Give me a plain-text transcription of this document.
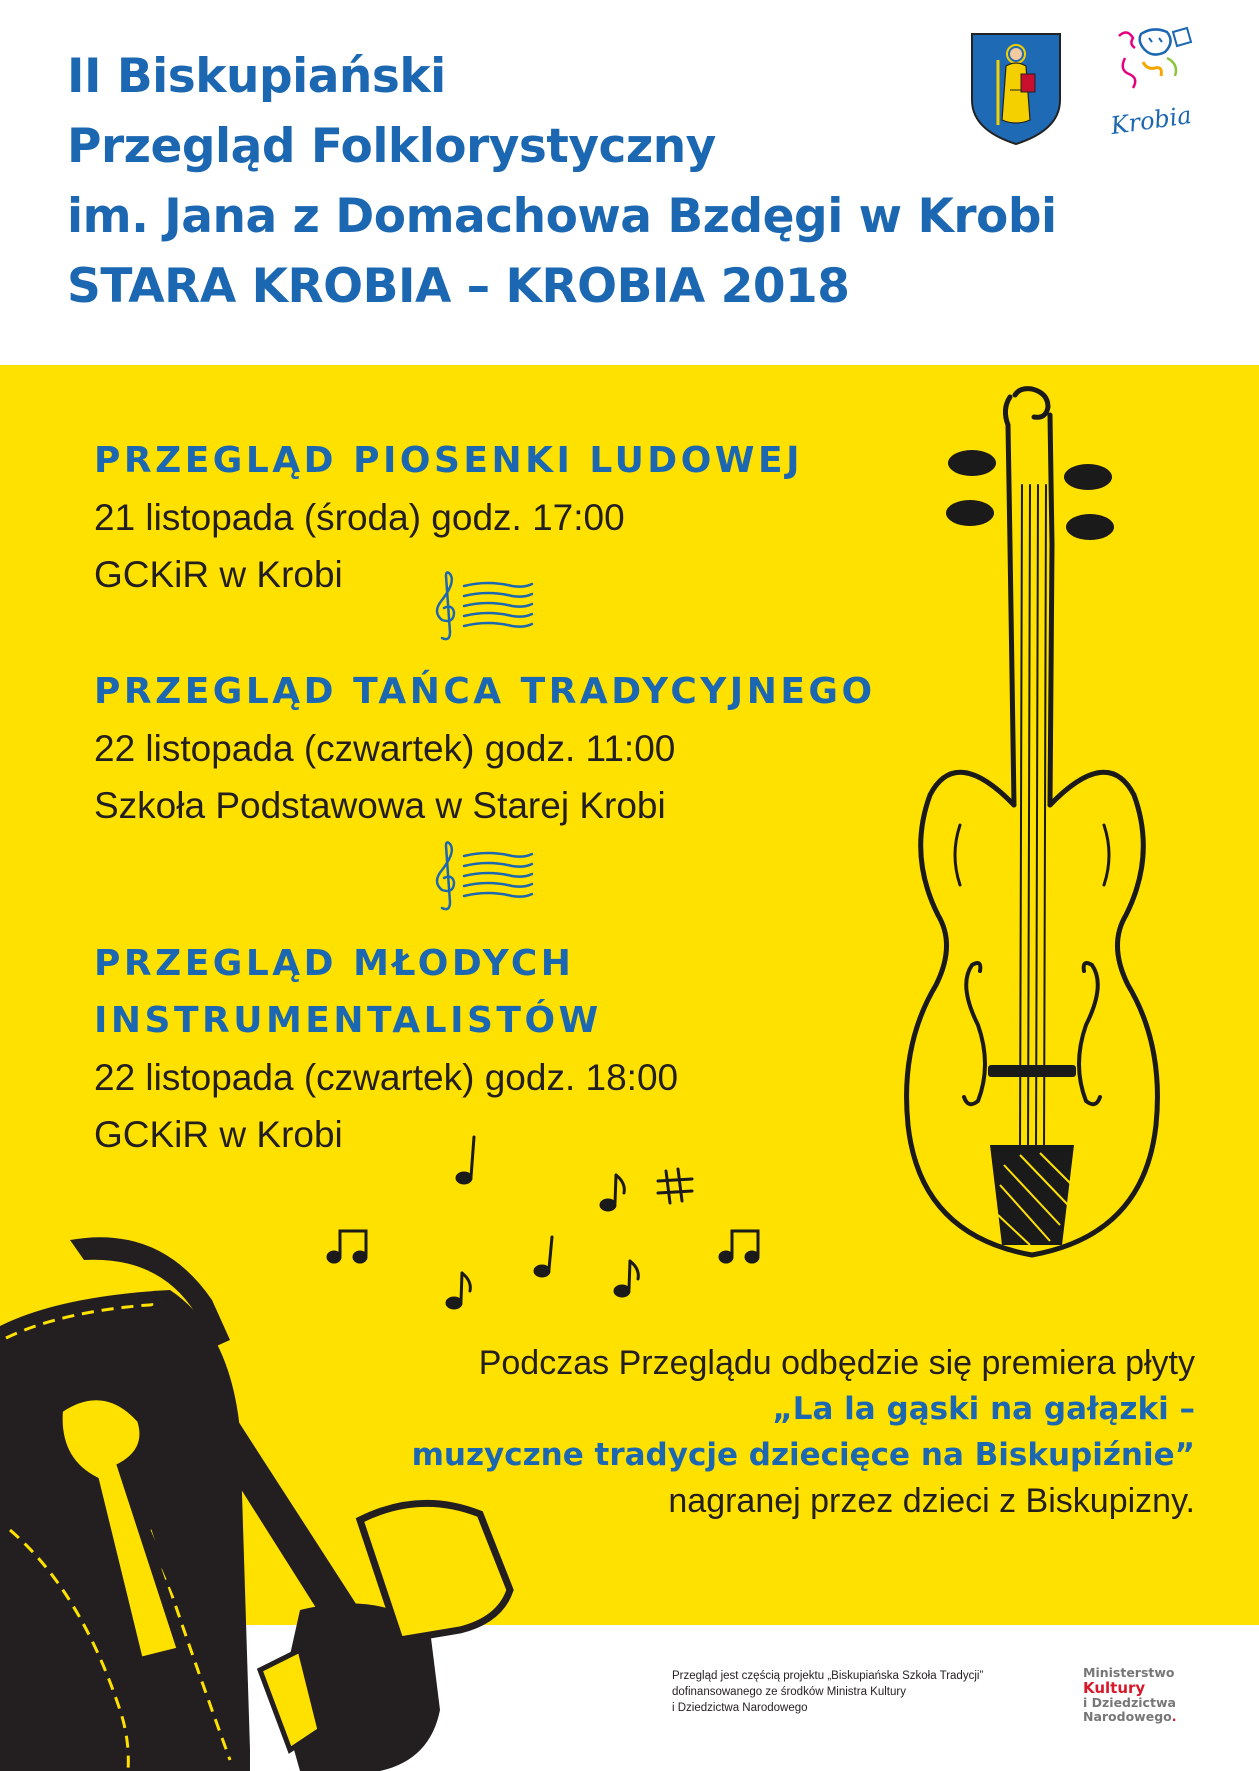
II Biskupiański
Przegląd Folklorystyczny
im. Jana z Domachowa Bzdęgi w Krobi
STARA KROBIA – KROBIA 2018
Krobia
PRZEGLĄD PIOSENKI LUDOWEJ
21 listopada (środa) godz. 17:00
GCKiR w Krobi
PRZEGLĄD TAŃCA TRADYCYJNEGO
22 listopada (czwartek) godz. 11:00
Szkoła Podstawowa w Starej Krobi
PRZEGLĄD MŁODYCH
INSTRUMENTALISTÓW
22 listopada (czwartek) godz. 18:00
GCKiR w Krobi
Podczas Przeglądu odbędzie się premiera płyty
„La la gąski na gałązki –
muzyczne tradycje dziecięce na Biskupiźnie”
nagranej przez dzieci z Biskupizny.
Przegląd jest częścią projektu „Biskupiańska Szkoła Tradycji”
dofinansowanego ze środków Ministra Kultury
i Dziedzictwa Narodowego
Ministerstwo
Kultury
i Dziedzictwa
Narodowego.
